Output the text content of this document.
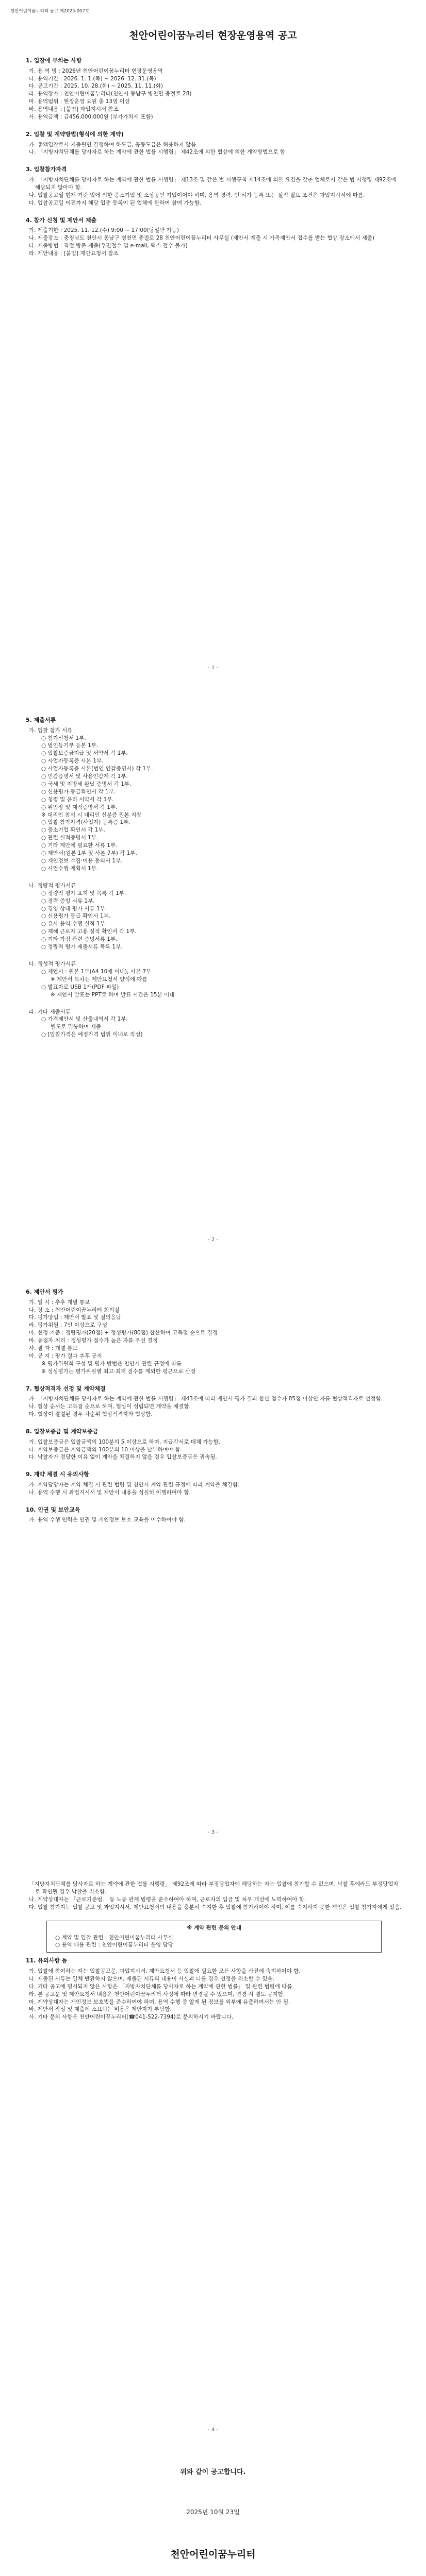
천안어린이꿈누리터 공고 제2025-007호
천안어린이꿈누리터 현장운영용역 공고
1. 입찰에 부치는 사항
가. 용 역 명 : 2026년 천안어린이꿈누리터 현장운영용역
나. 용역기간 : 2026. 1. 1.(목) ~ 2026. 12. 31.(목)
다. 공고기간 : 2025. 10. 28.(화) ~ 2025. 11. 11.(화)
라. 용역장소 : 천안어린이꿈누리터(천안시 동남구 병천면 충절로 28)
마. 용역범위 : 현장운영 요원 총 13명 이상
바. 용역내용 : [붙임] 과업지시서 참조
사. 용역금액 : 금456,000,000원 (부가가치세 포함)
2. 입찰 및 계약방법(형식에 의한 계약)
가. 총액입찰로서 지출원인 결행하여 하도급, 공동도급은 허용하지 않음.
나. 「지방자치단체를 당사자로 하는 계약에 관한 법률 시행령」 제42조에 의한 협상에 의한 계약방법으로 함.
3. 입찰참가자격
가. 「지방자치단체를 당사자로 하는 계약에 관한 법률 시행령」 제13조 및 같은 법 시행규칙 제14조에 의한 요건을 갖춘 업체로서 같은 법 시행령 제92조에 해당되지 않아야 함.
나. 입찰공고일 현재 기준 법에 의한 중소기업 및 소상공인 기업이어야 하며, 용역 경력, 인·허가 등록 또는 실적 필요 조건은 과업지시서에 따름.
다. 입찰공고일 이전까지 해당 업종 등록이 된 업체에 한하여 참여 가능함.
4. 참가 신청 및 제안서 제출
가. 제출기한 : 2025. 11. 12.(수) 9:00 ~ 17:00(당일만 가능)
나. 제출장소 : 충청남도 천안시 동남구 병천면 충절로 28 천안어린이꿈누리터 사무실 (제안서 제출 시 가족제안서 접수를 받는 협상 장소에서 제출)
다. 제출방법 : 직접 방문 제출(우편접수 및 e-mail, 팩스 접수 불가)
라. 제안내용 : [붙임] 제안요청서 참조
- 1 -
5. 제출서류
가. 입찰 참가 서류
○ 참가신청서 1부.
○ 법인등기부 등본 1부.
○ 입찰보증금지급 및 서약서 각 1부.
○ 사업자등록증 사본 1부.
○ 사업자등록증 사본(법인 인감증명서) 각 1부.
○ 인감증명서 및 사용인감계 각 1부.
○ 국세 및 지방세 완납 증명서 각 1부.
○ 신용평가 등급확인서 각 1부.
○ 청렴 및 윤리 서약서 각 1부.
○ 위임장 및 재직증명서 각 1부.
※ 대리인 참석 시 대리인 신분증 원본 지참
○ 입찰 참가자격(사업자) 등록증 1부.
○ 중소기업 확인서 각 1부.
○ 관련 실적증명서 1부.
○ 기타 제안에 필요한 서류 1부.
○ 제안서(원본 1부 및 사본 7부) 각 1부.
○ 개인정보 수집·이용 동의서 1부.
○ 사업수행 계획서 1부.
나. 정량적 평가서류
○ 정량적 평가 표지 및 목록 각 1부.
○ 경력 증빙 서류 1부.
○ 경영 상태 평가 서류 1부.
○ 신용평가 등급 확인서 1부.
○ 유사 용역 수행 실적 1부.
○ 재해 근로자 고용 실적 확인서 각 1부.
○ 기타 가점 관련 증빙서류 1부.
○ 정량적 평가 제출서류 목록 1부.
다. 정성적 평가서류
○ 제안서 : 원본 1부(A4 10매 이내), 사본 7부
※ 제안서 목차는 제안요청서 양식에 따름
○ 발표자료 USB 1개(PDF 파일)
※ 제안서 발표는 PPT로 하며 발표 시간은 15분 이내
라. 기타 제출서류
○ 가격제안서 및 산출내역서 각 1부.
별도로 밀봉하여 제출
○ [입찰가격은 예정가격 범위 이내로 작성]
- 2 -
6. 제안서 평가
가. 일 시 : 추후 개별 통보
나. 장 소 : 천안어린이꿈누리터 회의실
다. 평가방법 : 제안서 발표 및 질의응답
라. 평가위원 : 7인 이상으로 구성
마. 선정 기준 : 정량평가(20점) + 정성평가(80점) 합산하여 고득점 순으로 결정
바. 동점자 처리 : 정성평가 점수가 높은 자를 우선 결정
사. 결 과 : 개별 통보
아. 공 지 : 평가 결과 추후 공지
※ 평가위원회 구성 및 평가 방법은 천안시 관련 규정에 따름
※ 정성평가는 평가위원별 최고·최저 점수를 제외한 평균으로 산정
7. 협상적격자 선정 및 계약체결
가. 「지방자치단체를 당사자로 하는 계약에 관한 법률 시행령」 제43조에 따라 제안서 평가 결과 합산 점수가 85점 이상인 자를 협상적격자로 선정함.
나. 협상 순서는 고득점 순으로 하며, 협상이 성립되면 계약을 체결함.
다. 협상이 결렬된 경우 차순위 협상적격자와 협상함.
8. 입찰보증금 및 계약보증금
가. 입찰보증금은 입찰금액의 100분의 5 이상으로 하며, 지급각서로 대체 가능함.
나. 계약보증금은 계약금액의 100분의 10 이상을 납부하여야 함.
다. 낙찰자가 정당한 이유 없이 계약을 체결하지 않을 경우 입찰보증금은 귀속됨.
9. 계약 체결 시 유의사항
가. 계약담당자는 계약 체결 시 관련 법령 및 천안시 계약 관련 규정에 따라 계약을 체결함.
나. 용역 수행 시 과업지시서 및 제안서 내용을 성실히 이행하여야 함.
10. 인권 및 보안교육
가. 용역 수행 인력은 인권 및 개인정보 보호 교육을 이수하여야 함.
- 3 -
「지방자치단체를 당사자로 하는 계약에 관한 법률 시행령」 제92조에 따라 부정당업자에 해당하는 자는 입찰에 참가할 수 없으며, 낙찰 후에라도 부정당업자로 확인될 경우 낙찰을 취소함.
나. 계약상대자는 「근로기준법」 등 노동 관계 법령을 준수하여야 하며, 근로자의 임금 및 처우 개선에 노력하여야 함.
다. 입찰 참가자는 입찰 공고 및 과업지시서, 제안요청서의 내용을 충분히 숙지한 후 입찰에 참가하여야 하며, 이를 숙지하지 못한 책임은 입찰 참가자에게 있음.
※ 계약 관련 문의 안내
○ 계약 및 입찰 관련 : 천안어린이꿈누리터 사무실
○ 용역 내용 관련 : 천안어린이꿈누리터 운영 담당
11. 유의사항 등
가. 입찰에 참여하는 자는 입찰공고문, 과업지시서, 제안요청서 등 입찰에 필요한 모든 사항을 사전에 숙지하여야 함.
나. 제출된 서류는 일체 반환하지 않으며, 제출된 서류의 내용이 사실과 다를 경우 선정을 취소할 수 있음.
다. 기타 공고에 명시되지 않은 사항은 「지방자치단체를 당사자로 하는 계약에 관한 법률」 및 관련 법령에 따름.
라. 본 공고문 및 제안요청서 내용은 천안어린이꿈누리터 사정에 따라 변경될 수 있으며, 변경 시 별도 공지함.
마. 계약상대자는 개인정보 보호법을 준수하여야 하며, 용역 수행 중 알게 된 정보를 외부에 유출하여서는 안 됨.
바. 제안서 작성 및 제출에 소요되는 비용은 제안자가 부담함.
사. 기타 문의 사항은 천안어린이꿈누리터(☎041-522-7394)로 문의하시기 바랍니다.
- 4 -
위와 같이 공고합니다.
2025년 10월 23일
천안어린이꿈누리터
